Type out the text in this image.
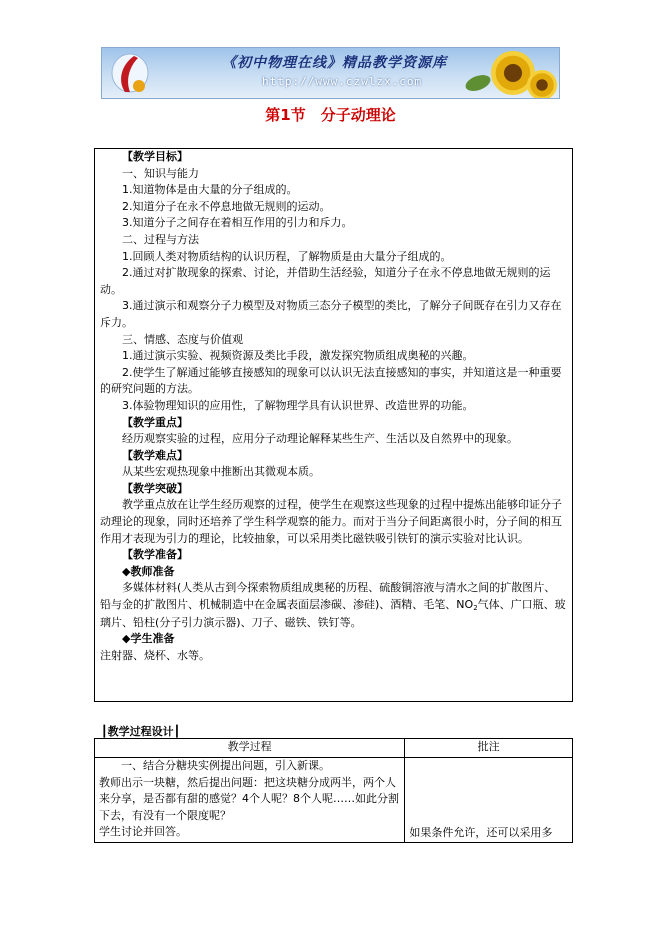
《初中物理在线》精品教学资源库
http://www.czwlzx.com
第1节　分子动理论

【教学目标】

一、知识与能力

1.知道物体是由大量的分子组成的。

2.知道分子在永不停息地做无规则的运动。

3.知道分子之间存在着相互作用的引力和斥力。

二、过程与方法

1.回顾人类对物质结构的认识历程，了解物质是由大量分子组成的。

2.通过对扩散现象的探索、讨论，并借助生活经验，知道分子在永不停息地做无规则的运动。

3.通过演示和观察分子力模型及对物质三态分子模型的类比，了解分子间既存在引力又存在斥力。

三、情感、态度与价值观

1.通过演示实验、视频资源及类比手段，激发探究物质组成奥秘的兴趣。

2.使学生了解通过能够直接感知的现象可以认识无法直接感知的事实，并知道这是一种重要的研究问题的方法。

3.体验物理知识的应用性，了解物理学具有认识世界、改造世界的功能。

【教学重点】

经历观察实验的过程，应用分子动理论解释某些生产、生活以及自然界中的现象。

【教学难点】

从某些宏观热现象中推断出其微观本质。

【教学突破】

教学重点放在让学生经历观察的过程，使学生在观察这些现象的过程中提炼出能够印证分子动理论的现象，同时还培养了学生科学观察的能力。而对于当分子间距离很小时，分子间的相互作用才表现为引力的理论，比较抽象，可以采用类比磁铁吸引铁钉的演示实验对比认识。

【教学准备】

◆教师准备

多媒体材料(人类从古到今探索物质组成奥秘的历程、硫酸铜溶液与清水之间的扩散图片、铅与金的扩散图片、机械制造中在金属表面层渗碳、渗硅)、酒精、毛笔、NO2气体、广口瓶、玻璃片、铅柱(分子引力演示器)、刀子、磁铁、铁钉等。

◆学生准备

注射器、烧杯、水等。

┃教学过程设计┃
教学过程	批注

一、结合分糖块实例提出问题，引入新课。

教师出示一块糖，然后提出问题：把这块糖分成两半，两个人来分享，是否都有甜的感觉？4个人呢？8个人呢……如此分割下去，有没有一个限度呢？

学生讨论并回答。	如果条件允许，还可以采用多
